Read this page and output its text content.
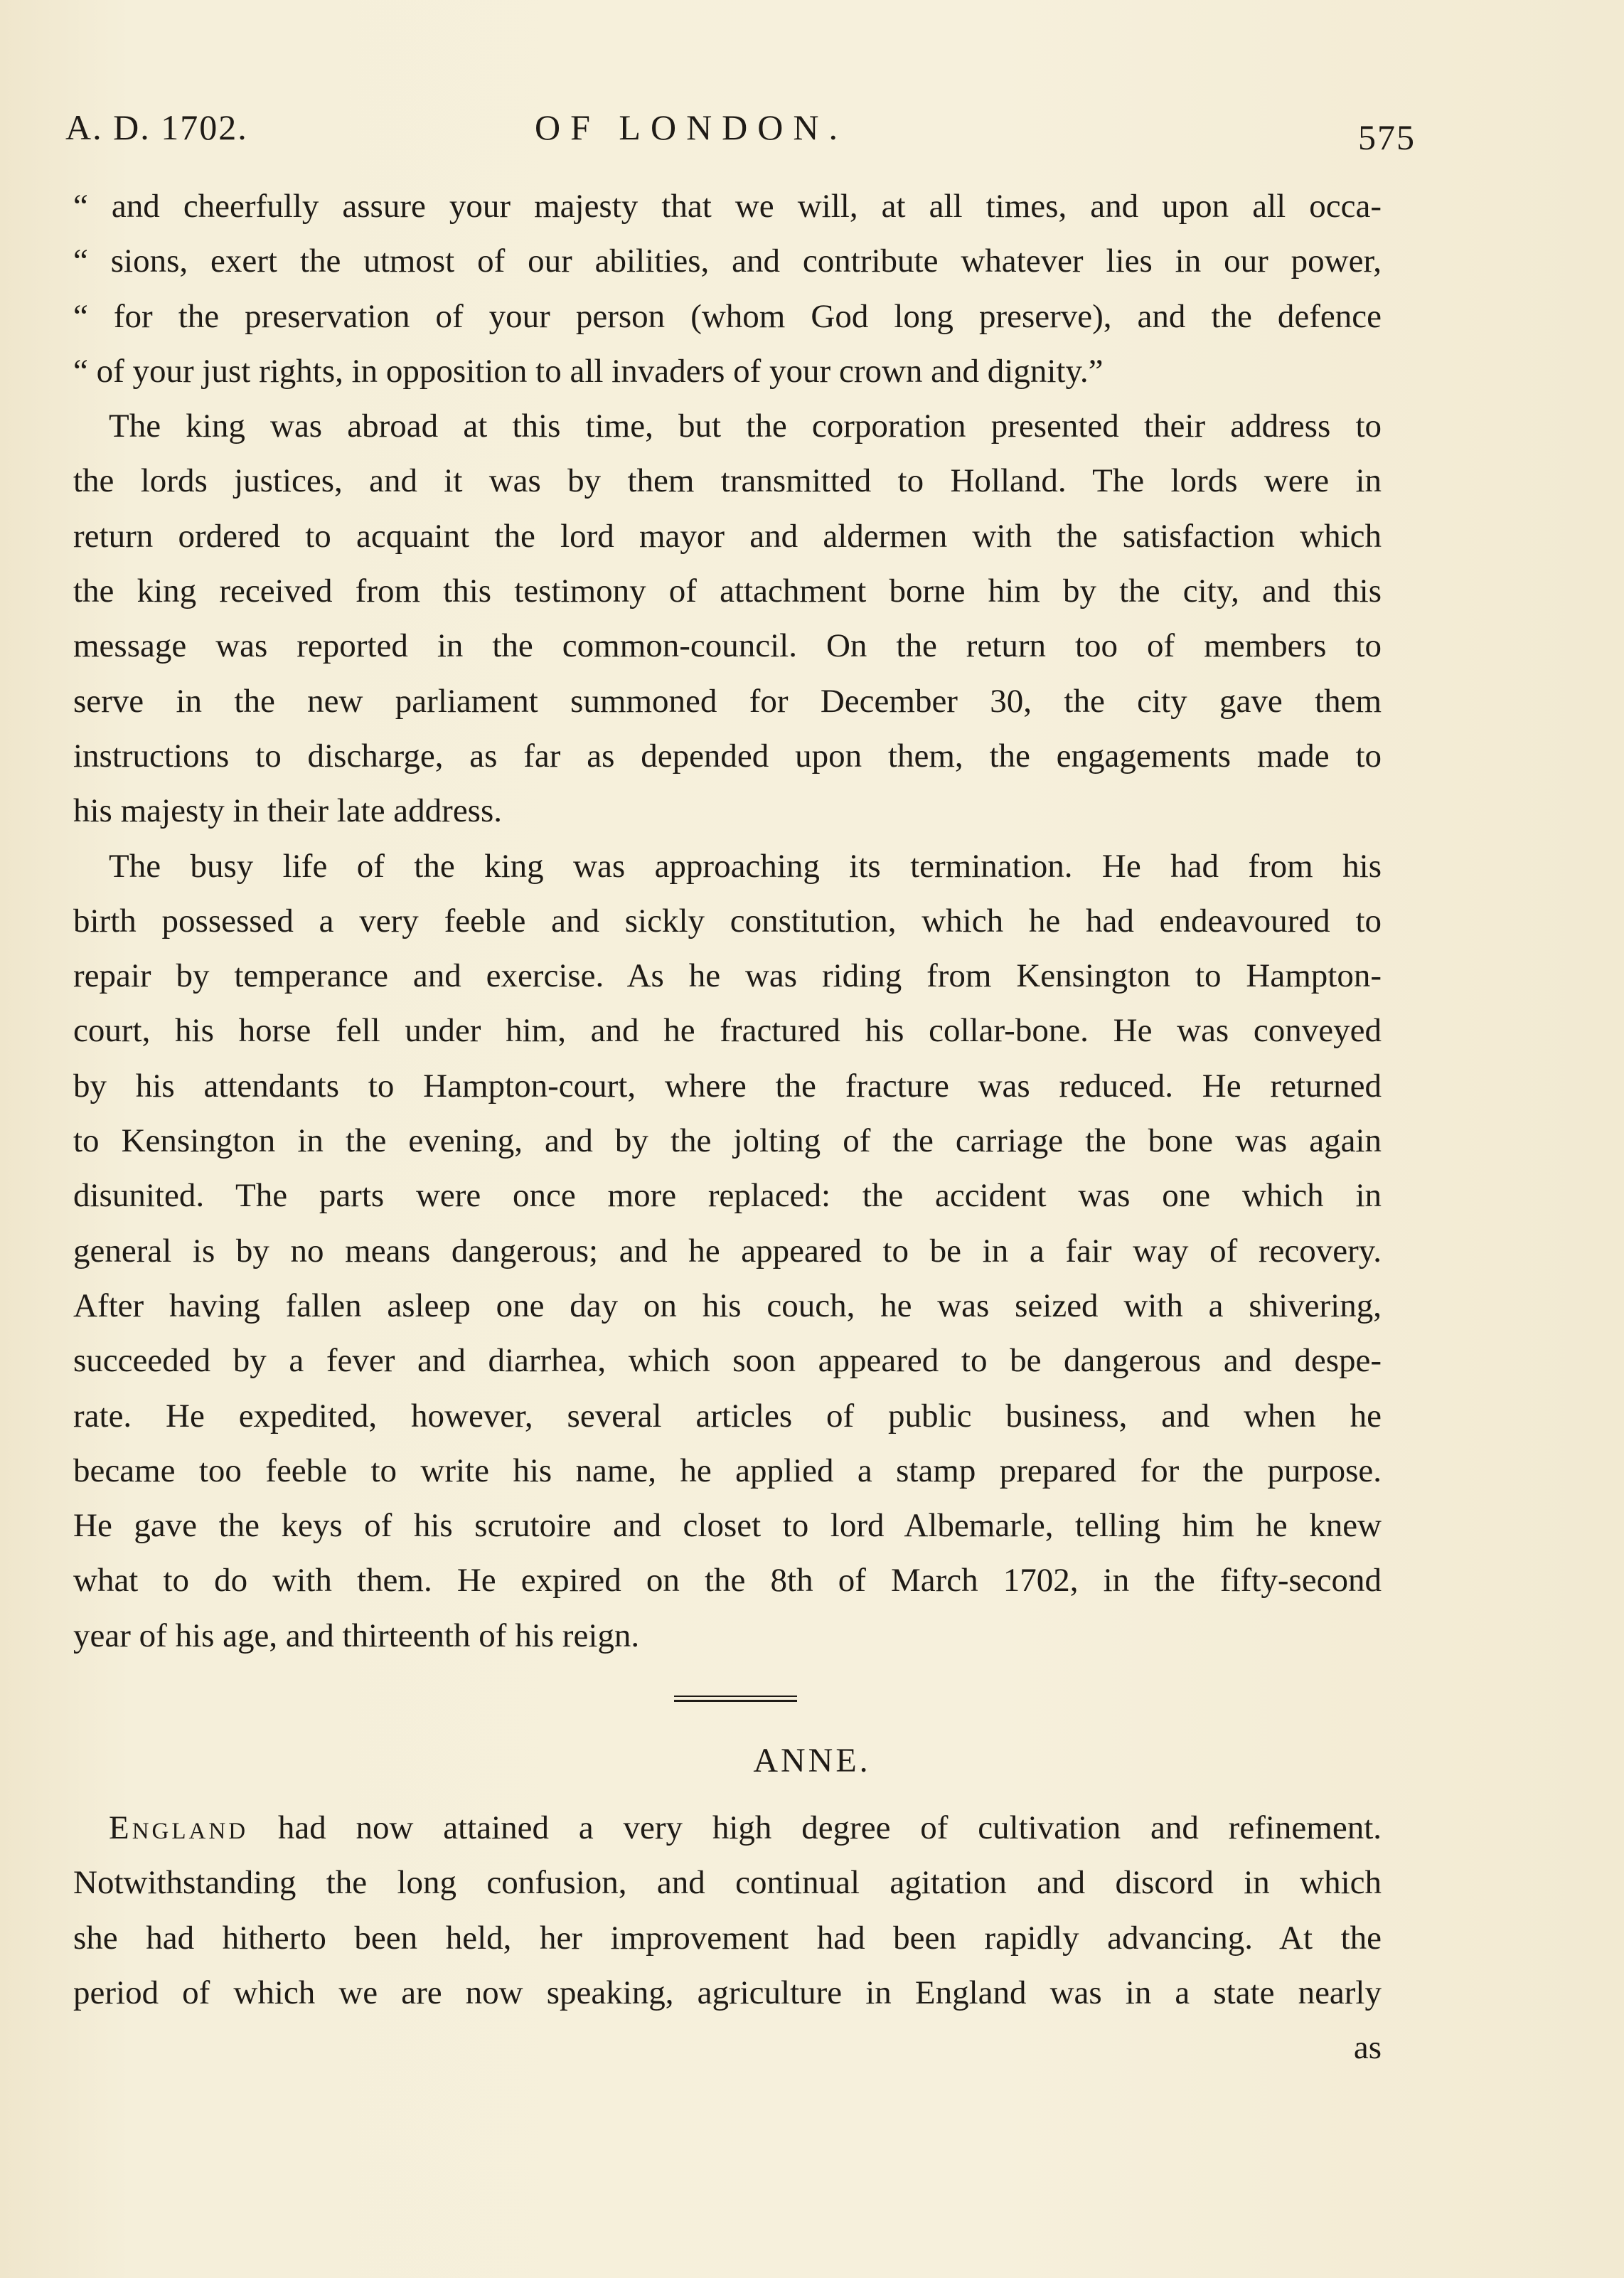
A. D. 1702.	OF LONDON.	575
“ and cheerfully assure your majesty that we will, at all times, and upon all occa-
“ sions, exert the utmost of our abilities, and contribute whatever lies in our power,
“ for the preservation of your person (whom God long preserve), and the defence
“ of your just rights, in opposition to all invaders of your crown and dignity.”
The king was abroad at this time, but the corporation presented their address to
the lords justices, and it was by them transmitted to Holland. The lords were in
return ordered to acquaint the lord mayor and aldermen with the satisfaction which
the king received from this testimony of attachment borne him by the city, and this
message was reported in the common-council. On the return too of members to
serve in the new parliament summoned for December 30, the city gave them
instructions to discharge, as far as depended upon them, the engagements made to
his majesty in their late address.
The busy life of the king was approaching its termination. He had from his
birth possessed a very feeble and sickly constitution, which he had endeavoured to
repair by temperance and exercise. As he was riding from Kensington to Hampton-
court, his horse fell under him, and he fractured his collar-bone. He was conveyed
by his attendants to Hampton-court, where the fracture was reduced. He returned
to Kensington in the evening, and by the jolting of the carriage the bone was again
disunited. The parts were once more replaced: the accident was one which in
general is by no means dangerous; and he appeared to be in a fair way of recovery.
After having fallen asleep one day on his couch, he was seized with a shivering,
succeeded by a fever and diarrhea, which soon appeared to be dangerous and despe-
rate. He expedited, however, several articles of public business, and when he
became too feeble to write his name, he applied a stamp prepared for the purpose.
He gave the keys of his scrutoire and closet to lord Albemarle, telling him he knew
what to do with them. He expired on the 8th of March 1702, in the fifty-second
year of his age, and thirteenth of his reign.
ANNE.
England had now attained a very high degree of cultivation and refinement.
Notwithstanding the long confusion, and continual agitation and discord in which
she had hitherto been held, her improvement had been rapidly advancing. At the
period of which we are now speaking, agriculture in England was in a state nearly
as
